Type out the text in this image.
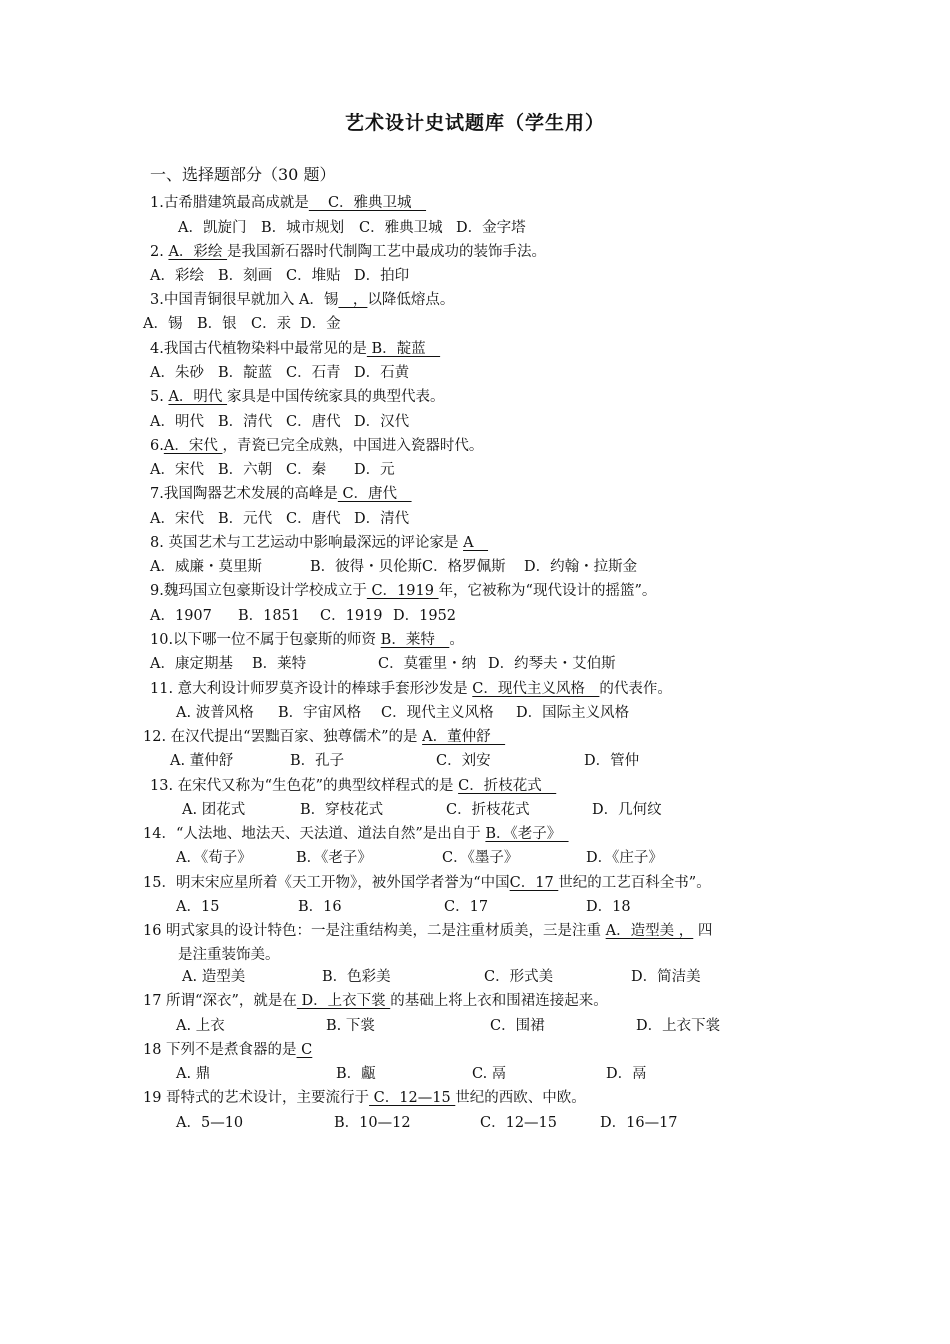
艺术设计史试题库（学生用）
一、选择题部分（30 题）
1.古希腊建筑最高成就是　 C．雅典卫城　
A．凯旋门 B．城市规划 C．雅典卫城 D．金字塔
2. A．彩绘 是我国新石器时代制陶工艺中最成功的装饰手法。
A．彩绘 B．刻画 C．堆贴 D．拍印
3.中国青铜很早就加入 A．锡　，以降低熔点。
A．锡 B．银 C．汞 D．金
4.我国古代植物染料中最常见的是 B．靛蓝　
A．朱砂 B．靛蓝 C．石青 D．石黄
5. A．明代 家具是中国传统家具的典型代表。
A．明代 B．清代 C．唐代 D．汉代
6.A．宋代 ，青瓷已完全成熟，中国进入瓷器时代。
A．宋代 B．六朝 C．秦 D．元
7.我国陶器艺术发展的高峰是 C．唐代　
A．宋代 B．元代 C．唐代 D．清代
8. 英国艺术与工艺运动中影响最深远的评论家是 A　
A．威廉・莫里斯	B．彼得・贝伦斯 C．格罗佩斯 D．约翰・拉斯金
9.魏玛国立包豪斯设计学校成立于 C．1919 年，它被称为“现代设计的摇篮”。
A．1907 B．1851 C．1919 D．1952
10.以下哪一位不属于包豪斯的师资 B．莱特　。
A．康定期基 B．莱特	C．莫霍里・纳 D．约琴夫・艾伯斯
11. 意大利设计师罗莫齐设计的棒球手套形沙发是 C．现代主义风格　的代表作。
A. 波普风格 B．宇宙风格 C．现代主义风格 D．国际主义风格
12. 在汉代提出“罢黜百家、独尊儒术”的是 A．董仲舒　
A. 董仲舒	B．孔子	C．刘安	D．管仲
13. 在宋代又称为“生色花”的典型纹样程式的是 C．折枝花式　
A. 团花式	B．穿枝花式	C．折枝花式	D．几何纹
14．“人法地、地法天、天法道、道法自然”是出自于 B．《老子》　
A．《荀子》	B．《老子》	C．《墨子》	D．《庄子》
15．明末宋应星所着《天工开物》，被外国学者誉为“中国C．17 世纪的工艺百科全书”。
A．15	B．16	C．17	D．18
16 明式家具的设计特色：一是注重结构美，二是注重材质美，三是注重 A．造型美 ， 四
是注重装饰美。
A. 造型美	B．色彩美	C．形式美	D．简洁美
17 所谓“深衣”，就是在 D．上衣下裳 的基础上将上衣和围裙连接起来。
A. 上衣	B. 下裳	C．围裙	D．上衣下裳
18 下列不是煮食器的是 C
A. 鼎	B．甗	C. 鬲	D．鬲
19 哥特式的艺术设计，主要流行于 C．12—15 世纪的西欧、中欧。
A．5—10	B．10—12	C．12—15	D．16—17
